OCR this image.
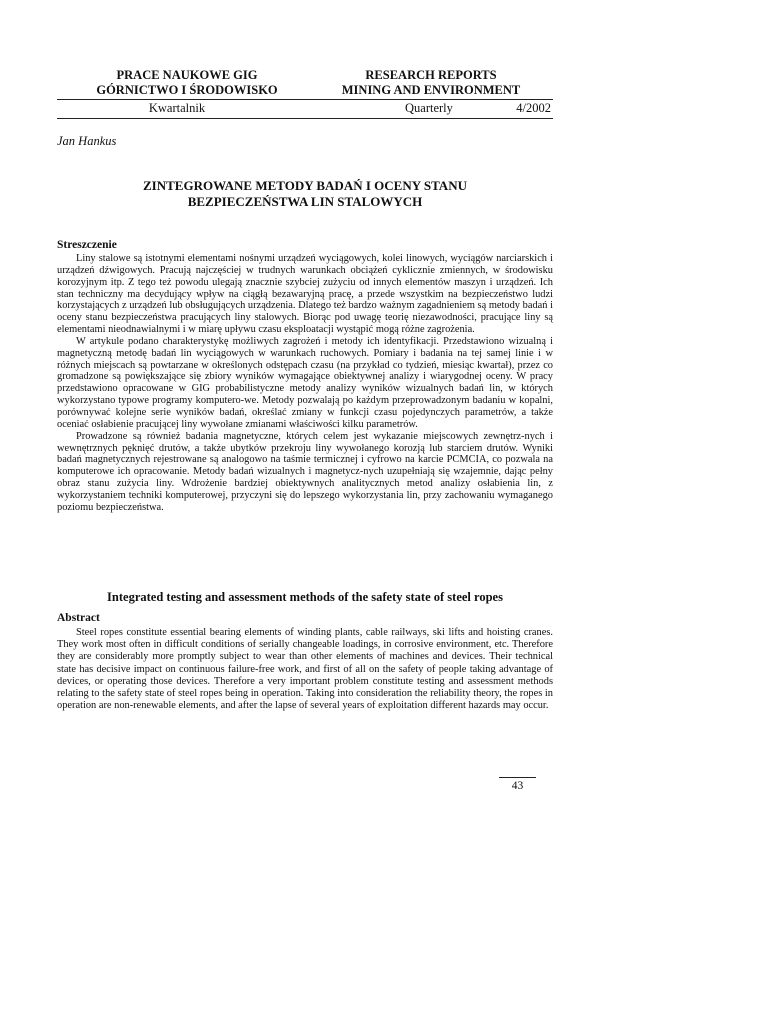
PRACE NAUKOWE GIG	RESEARCH REPORTS
GÓRNICTWO I ŚRODOWISKO	MINING AND ENVIRONMENT
Kwartalnik	Quarterly	4/2002
Jan Hankus
ZINTEGROWANE METODY BADAŃ I OCENY STANU
BEZPIECZEŃSTWA LIN STALOWYCH
Streszczenie

Liny stalowe są istotnymi elementami nośnymi urządzeń wyciągowych, kolei linowych, wyciągów narciarskich i urządzeń dźwigowych. Pracują najczęściej w trudnych warunkach obciążeń cyklicznie zmiennych, w środowisku korozyjnym itp. Z tego też powodu ulegają znacznie szybciej zużyciu od innych elementów maszyn i urządzeń. Ich stan techniczny ma decydujący wpływ na ciągłą bezawaryjną pracę, a przede wszystkim na bezpieczeństwo ludzi korzystających z urządzeń lub obsługujących urządzenia. Dlatego też bardzo ważnym zagadnieniem są metody badań i oceny stanu bezpieczeństwa pracujących liny stalowych. Biorąc pod uwagę teorię niezawodności, pracujące liny są elementami nieodnawialnymi i w miarę upływu czasu eksploatacji wystąpić mogą różne zagrożenia.

W artykule podano charakterystykę możliwych zagrożeń i metody ich identyfikacji. Przedstawiono wizualną i magnetyczną metodę badań lin wyciągowych w warunkach ruchowych. Pomiary i badania na tej samej linie i w różnych miejscach są powtarzane w określonych odstępach czasu (na przykład co tydzień, miesiąc kwartał), przez co gromadzone są powiększające się zbiory wyników wymagające obiektywnej analizy i wiarygodnej oceny. W pracy przedstawiono opracowane w GIG probabilistyczne metody analizy wyników wizualnych badań lin, w których wykorzystano typowe programy komputero-we. Metody pozwalają po każdym przeprowadzonym badaniu w kopalni, porównywać kolejne serie wyników badań, określać zmiany w funkcji czasu pojedynczych parametrów, a także oceniać osłabienie pracującej liny wywołane zmianami właściwości kilku parametrów.

Prowadzone są również badania magnetyczne, których celem jest wykazanie miejscowych zewnętrz-nych i wewnętrznych pęknięć drutów, a także ubytków przekroju liny wywołanego korozją lub starciem drutów. Wyniki badań magnetycznych rejestrowane są analogowo na taśmie termicznej i cyfrowo na karcie PCMCIA, co pozwala na komputerowe ich opracowanie. Metody badań wizualnych i magnetycz-nych uzupełniają się wzajemnie, dając pełny obraz stanu zużycia liny. Wdrożenie bardziej obiektywnych analitycznych metod analizy osłabienia lin, z wykorzystaniem techniki komputerowej, przyczyni się do lepszego wykorzystania lin, przy zachowaniu wymaganego poziomu bezpieczeństwa.

Integrated testing and assessment methods of the safety state of steel ropes
Abstract

Steel ropes constitute essential bearing elements of winding plants, cable railways, ski lifts and hoisting cranes. They work most often in difficult conditions of serially changeable loadings, in corrosive environment, etc. Therefore they are considerably more promptly subject to wear than other elements of machines and devices. Their technical state has decisive impact on continuous failure-free work, and first of all on the safety of people taking advantage of devices, or operating those devices. Therefore a very important problem constitute testing and assessment methods relating to the safety state of steel ropes being in operation. Taking into consideration the reliability theory, the ropes in operation are non-renewable elements, and after the lapse of several years of exploitation different hazards may occur.

43
